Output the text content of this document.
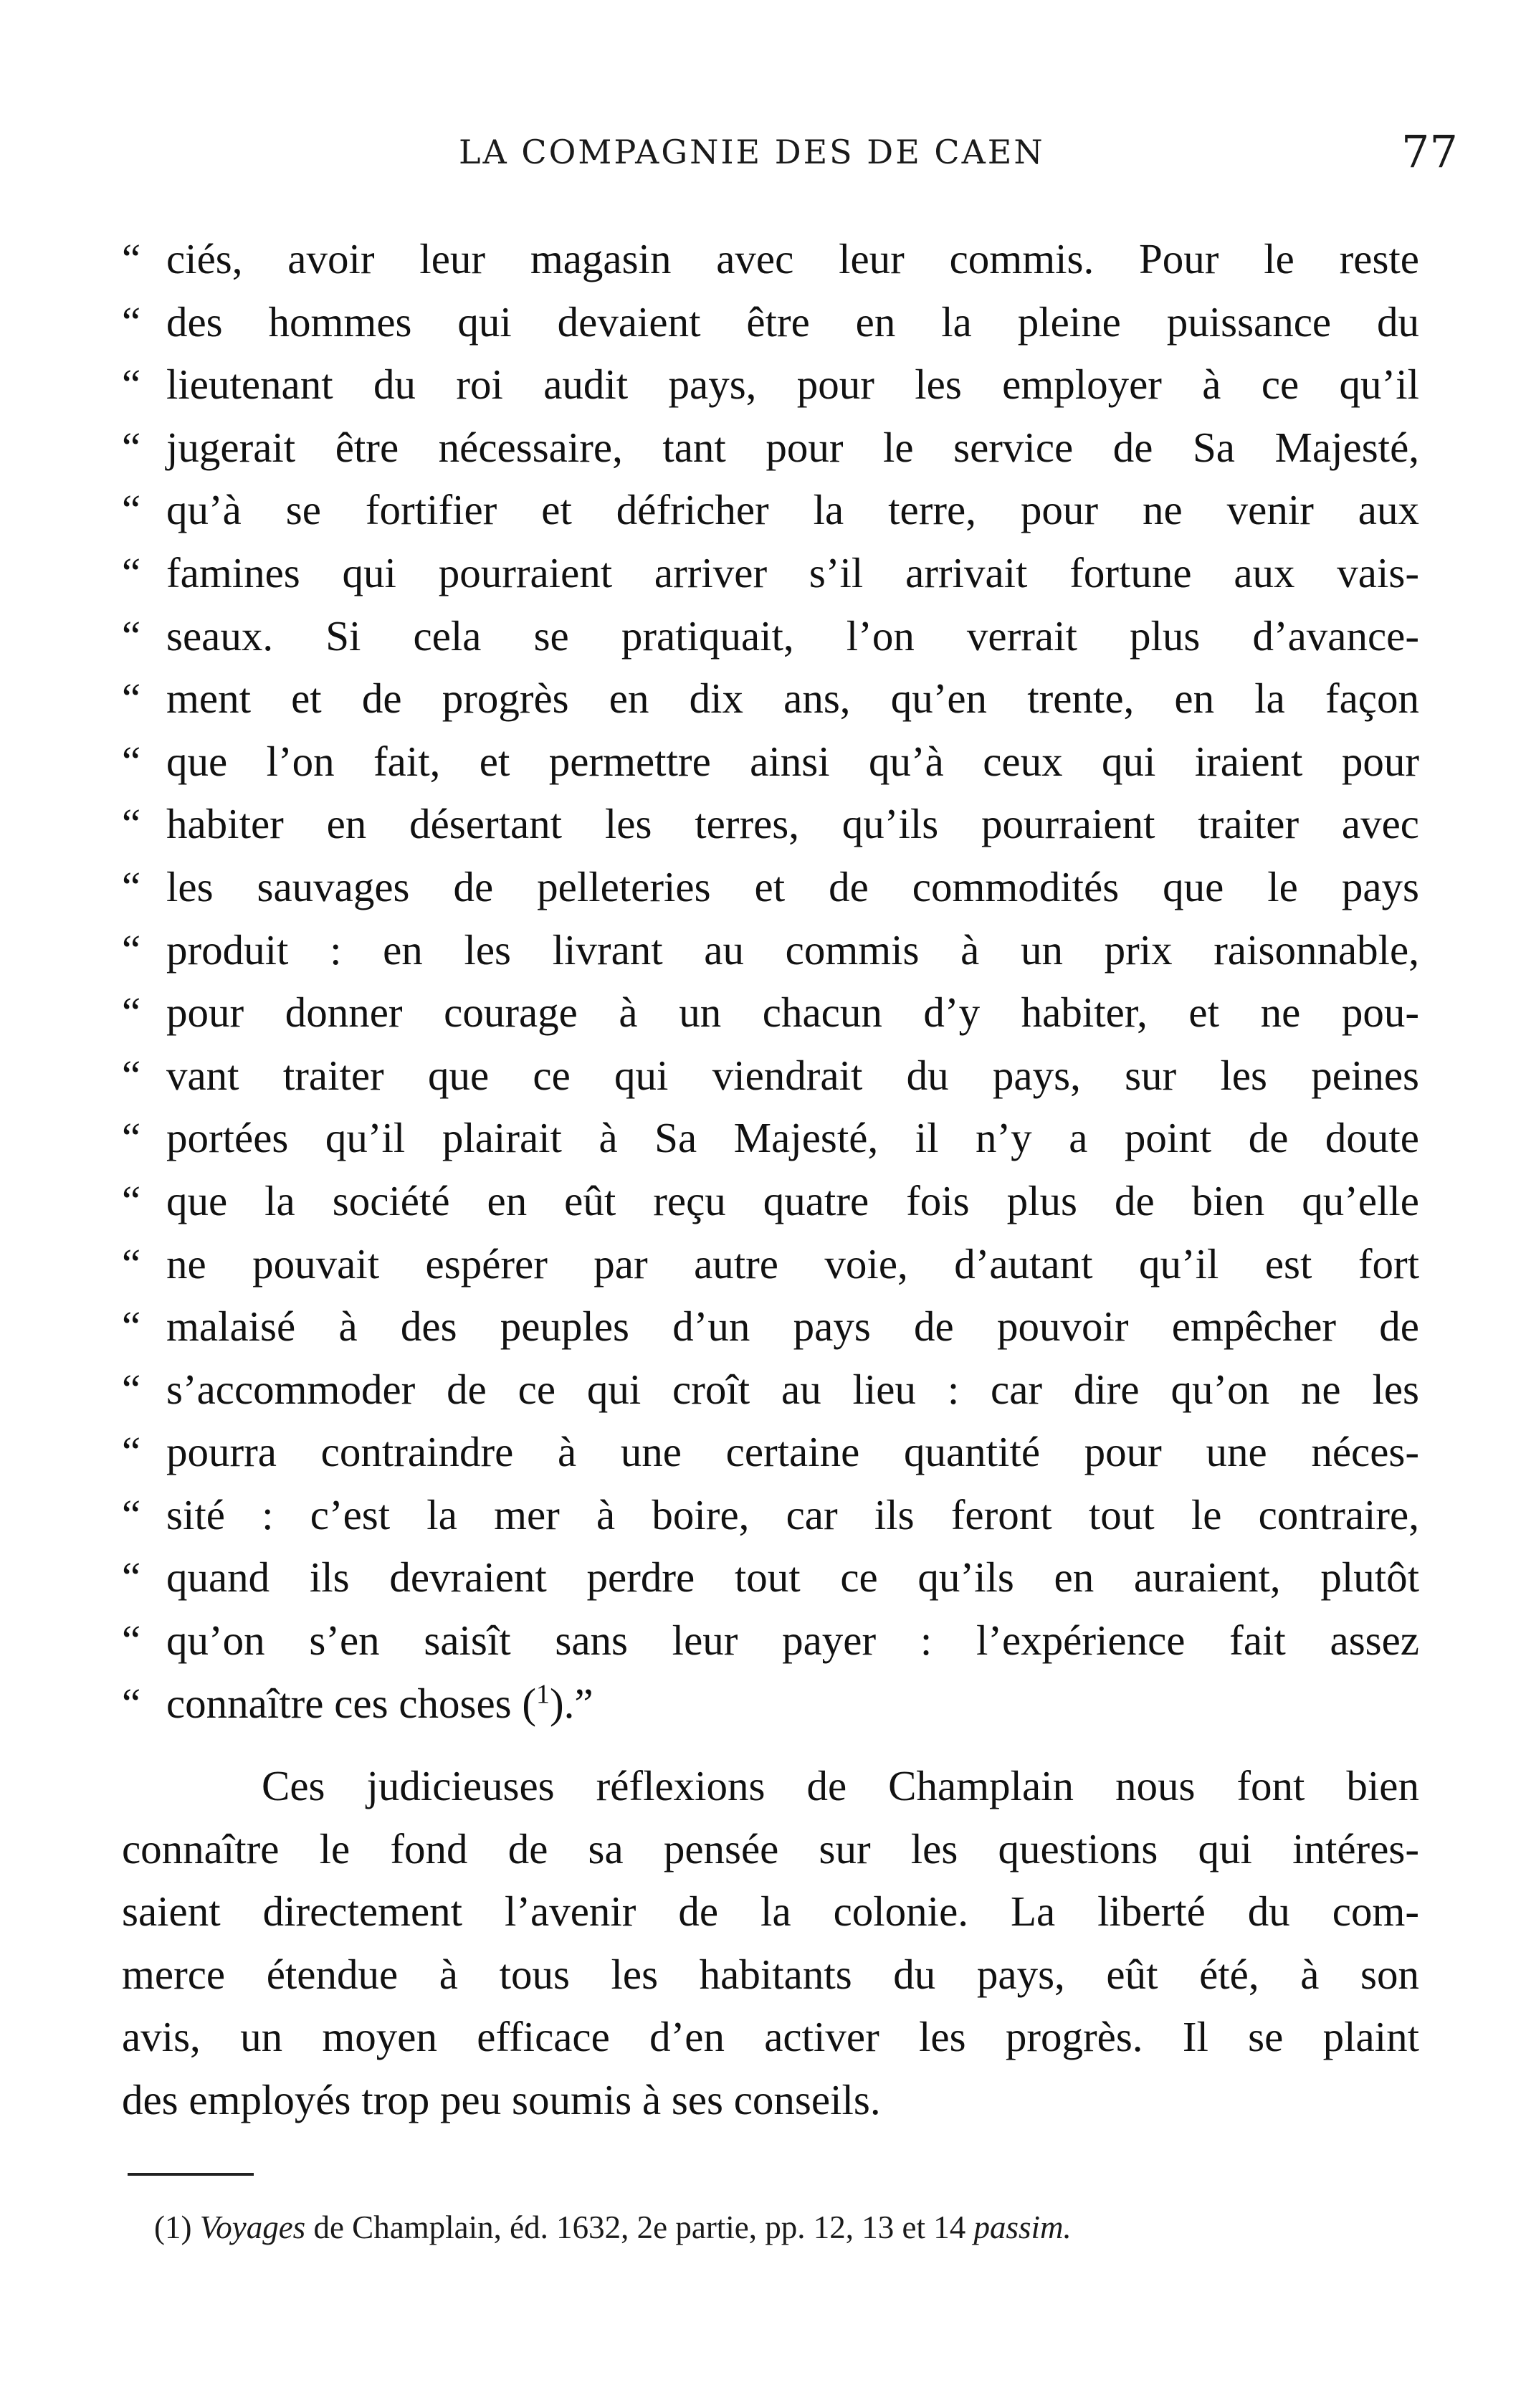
LA COMPAGNIE DES DE CAEN	77
“ ciés, avoir leur magasin avec leur commis. Pour le reste
“ des hommes qui devaient être en la pleine puissance du
“ lieutenant du roi audit pays, pour les employer à ce qu’il
“ jugerait être nécessaire, tant pour le service de Sa Majesté,
“ qu’à se fortifier et défricher la terre, pour ne venir aux
“ famines qui pourraient arriver s’il arrivait fortune aux vais-
“ seaux. Si cela se pratiquait, l’on verrait plus d’avance-
“ ment et de progrès en dix ans, qu’en trente, en la façon
“ que l’on fait, et permettre ainsi qu’à ceux qui iraient pour
“ habiter en désertant les terres, qu’ils pourraient traiter avec
“ les sauvages de pelleteries et de commodités que le pays
“ produit : en les livrant au commis à un prix raisonnable,
“ pour donner courage à un chacun d’y habiter, et ne pou-
“ vant traiter que ce qui viendrait du pays, sur les peines
“ portées qu’il plairait à Sa Majesté, il n’y a point de doute
“ que la société en eût reçu quatre fois plus de bien qu’elle
“ ne pouvait espérer par autre voie, d’autant qu’il est fort
“ malaisé à des peuples d’un pays de pouvoir empêcher de
“ s’accommoder de ce qui croît au lieu : car dire qu’on ne les
“ pourra contraindre à une certaine quantité pour une néces-
“ sité : c’est la mer à boire, car ils feront tout le contraire,
“ quand ils devraient perdre tout ce qu’ils en auraient, plutôt
“ qu’on s’en saisît sans leur payer : l’expérience fait assez
“ connaître ces choses ($^1$).”
Ces judicieuses réflexions de Champlain nous font bien
connaître le fond de sa pensée sur les questions qui intéres-
saient directement l’avenir de la colonie. La liberté du com-
merce étendue à tous les habitants du pays, eût été, à son
avis, un moyen efficace d’en activer les progrès. Il se plaint
des employés trop peu soumis à ses conseils.
(1) Voyages de Champlain, éd. 1632, 2e partie, pp. 12, 13 et 14 passim.
